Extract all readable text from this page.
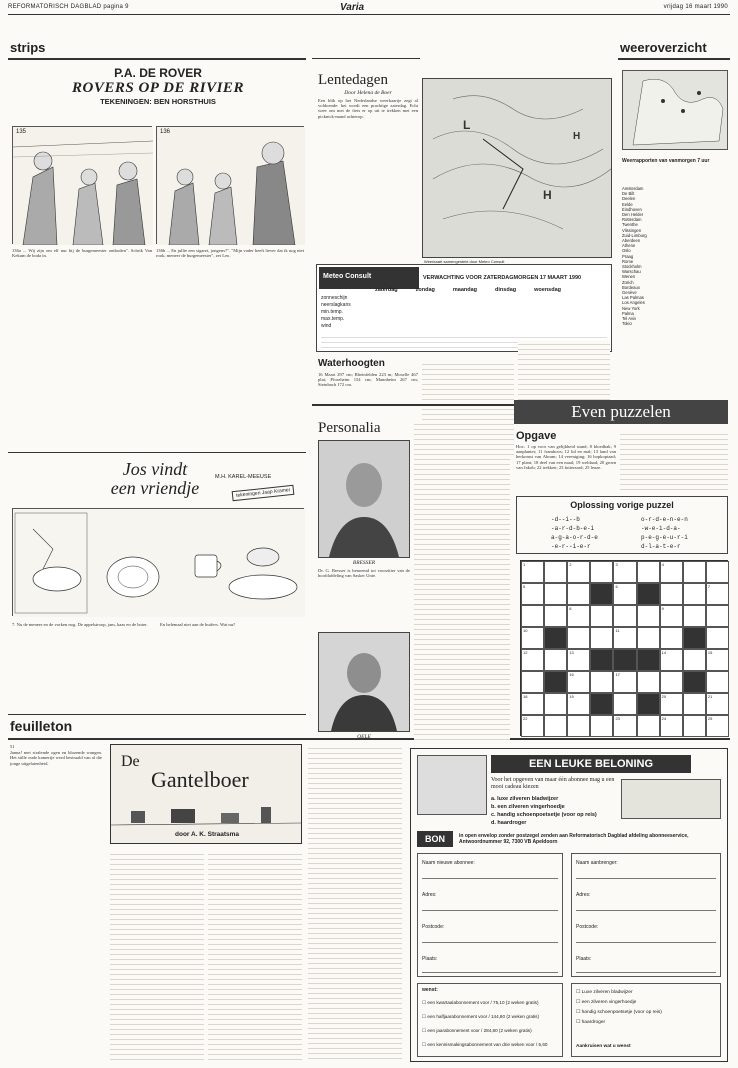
REFORMATORISCH DAGBLAD pagina 9	Varia	vrijdag 16 maart 1990
strips
P.A. DE ROVER
ROVERS OP DE RIVIER
TEKENINGEN: BEN HORSTHUIS
135	136

136a ... Wij zijn om elf uur bij de burgemeester ontboden". Schrik Van Kekum de boda in.

136b ... En jullie een sigaret, jongens?". "Mijn vader heeft liever dat ik nog niet rook, meneer de burgemeester", zei Leo.

Jos vindt
een vriendje
M.H. KAREL-MEEUSE
tekeningen Jaap Kramer

7. Nu de meneer en de vorken nog. De appelstroop, jam, kaas en de boter.	En helemaal niet aan de huifers. Wat nu?

feuilleton

51

Janna! met stralende ogen en blozende wangen. Het stille oude kamertje werd bestraald van al die jonge uitgelatenheid.	De
Gantelboer
door A. K. Straatsma
Lentedagen
Door Helena de Boer

Een blik op het Nederlandse weerkaartje zegt al voldoende: het wordt een prachtige zaterdag. Echt weer om met de fiets er op uit te trekken met een picknick-mand achterop.

L
H
H
Weerkaart samengesteld door Meteo Consult
Meteo Consult	VERWACHTING VOOR ZATERDAGMORGEN 17 MAART 1990
zonneschijn
neerslagkans
min.temp.
max.temp.
wind
zaterdag	zondag	maandag	dinsdag	woensdag
Waterhoogten

16 Maart 297 cm; Rheinfelden 223 m; Moselle 467 plat; Pforzheim 154 cm; Mannheim 267 cm; Steinbach 172 cm.

weeroverzicht
Weerrapporten van vanmorgen 7 uur
Amsterdam
De Bilt
Deelen
Eelde
Eindhoven
Den Helder
Rotterdam
Twenthe
Vlissingen
Zuid-Limburg
Aberdeen
Athene
Oslo
Praag
Rome
Stockholm
Warschau
Wenen
Zürich
Bordeaux
Genève
Las Palmas
Los Angeles
New York
Palma
Tel Aviv
Tokio
Personalia
BRESSER

Dr. G. Bresser is benoemd tot voorzitter van de hoofdafdeling van Sasker Unie.

OELE
Even puzzelen
Opgave
Hor.: 1 op voor van gelijkheid stand; 8 bloedbak; 9 aanplanter; 11 framboos; 12 lid en mal; 13 land van herkomst van Abram; 14 vereniging; 16 hopkoptaad; 17 plant; 18 deel van een maal; 19 weldaad; 20 groen van Jakob; 22 trekken; 23 fuiteraard; 25 leuze.
Oplossing vorige puzzel
-d--i--b
-a-r-d-b-e-i
a-g-a-o-r-d-e
-e-r--i-e-r
o-r-d-e-n-e-n
-w-e-i-d-a-
p-e-g-e-u-r-i
d-l-a-t-e-r
1	2	3	4
5	6	7
8	9
10	11
12	13	14	15
16	17
18	19	20	21
22	23	24	25
EEN LEUKE BELONING
Voor het opgeven van maar één abonnee mag u een mooi cadeau kiezen
a. luxe zilveren bladwijzer
b. een zilveren vingerhoedje
c. handig schoenpoetsetje (voor op reis)
d. haardroger
BON	in open envelop zonder postzegel zenden aan Reformatorisch Dagblad afdeling abonneeservice, Antwoordnummer 92, 7300 VB Apeldoorn
Naam nieuwe abonnee:
Adres:
Postcode:
Plaats:
Naam aanbrenger:
Adres:
Postcode:
Plaats:
wenst:
☐ een kwartaalabonnement voor / 75,10 (2 weken gratis)
☐ een halfjaarabonnement voor / 144,60 (2 weken gratis)
☐ een jaarabonnement voor / 284,80 (2 weken gratis)
☐ een kennismakingsabonnement van drie weken voor / 5,60
☐ Luxe zilveren bladwijzer
☐ een zilveren vingerhoedje
☐ handig schoenpoetsetje (voor op reis)
☐ haardroger
Aankruisen wat u wenst
